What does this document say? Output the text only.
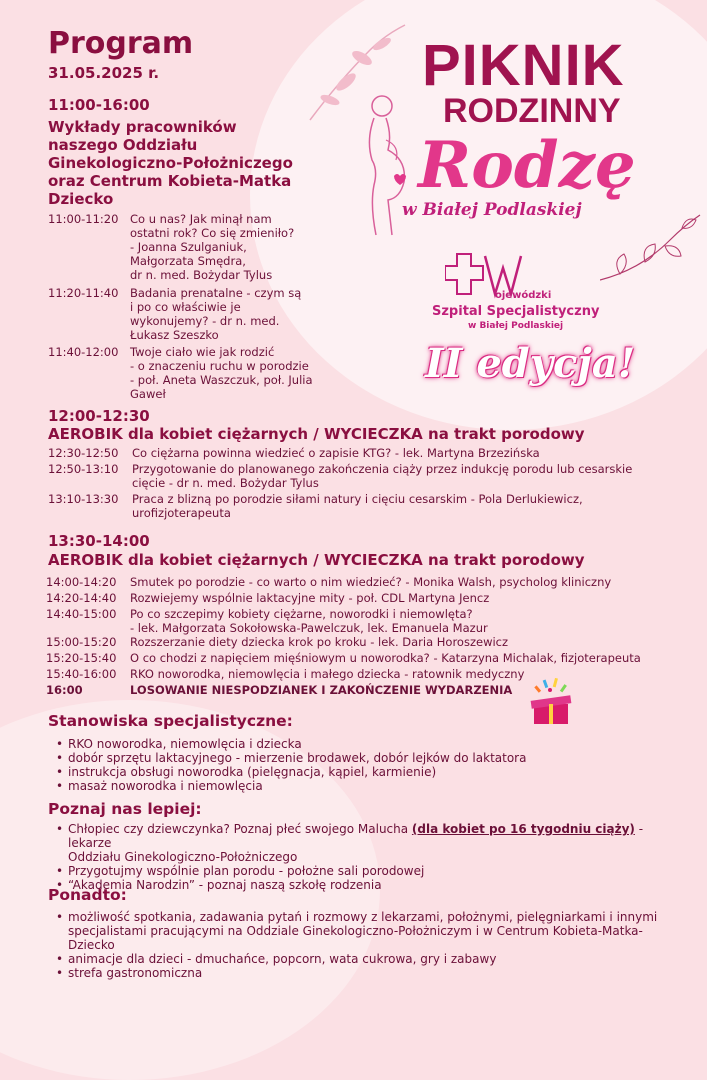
Program
31.05.2025 r.
11:00-16:00
Wykłady pracowników
naszego Oddziału
Ginekologiczno-Położniczego
oraz Centrum Kobieta-Matka
Dziecko
11:00-11:20 Co u nas? Jak minął nam
ostatni rok? Co się zmieniło?
- Joanna Szulganiuk,
Małgorzata Smędra,
dr n. med. Bożydar Tylus
11:20-11:40 Badania prenatalne - czym są
i po co właściwie je
wykonujemy? - dr n. med.
Łukasz Szeszko
11:40-12:00 Twoje ciało wie jak rodzić
- o znaczeniu ruchu w porodzie
- poł. Aneta Waszczuk, poł. Julia Gaweł
PIKNIK
RODZINNY
Rodzę
w Białej Podlaskiej
ojewódzki
Szpital Specjalistyczny
w Białej Podlaskiej
II edycja!
12:00-12:30
AEROBIK dla kobiet ciężarnych / WYCIECZKA na trakt porodowy
12:30-12:50 Co ciężarna powinna wiedzieć o zapisie KTG? - lek. Martyna Brzezińska
12:50-13:10 Przygotowanie do planowanego zakończenia ciąży przez indukcję porodu lub cesarskie
cięcie - dr n. med. Bożydar Tylus
13:10-13:30 Praca z blizną po porodzie siłami natury i cięciu cesarskim - Pola Derlukiewicz,
urofizjoterapeuta
13:30-14:00
AEROBIK dla kobiet ciężarnych / WYCIECZKA na trakt porodowy
14:00-14:20 Smutek po porodzie - co warto o nim wiedzieć? - Monika Walsh, psycholog kliniczny
14:20-14:40 Rozwiejemy wspólnie laktacyjne mity - poł. CDL Martyna Jencz
14:40-15:00 Po co szczepimy kobiety ciężarne, noworodki i niemowlęta?
- lek. Małgorzata Sokołowska-Pawelczuk, lek. Emanuela Mazur
15:00-15:20 Rozszerzanie diety dziecka krok po kroku - lek. Daria Horoszewicz
15:20-15:40 O co chodzi z napięciem mięśniowym u noworodka? - Katarzyna Michalak, fizjoterapeuta
15:40-16:00 RKO noworodka, niemowlęcia i małego dziecka - ratownik medyczny
16:00	LOSOWANIE NIESPODZIANEK I ZAKOŃCZENIE WYDARZENIA
Stanowiska specjalistyczne:
• RKO noworodka, niemowlęcia i dziecka
• dobór sprzętu laktacyjnego - mierzenie brodawek, dobór lejków do laktatora
• instrukcja obsługi noworodka (pielęgnacja, kąpiel, karmienie)
• masaż noworodka i niemowlęcia
Poznaj nas lepiej:
• Chłopiec czy dziewczynka? Poznaj płeć swojego Malucha (dla kobiet po 16 tygodniu ciąży) - lekarze
Oddziału Ginekologiczno-Położniczego
• Przygotujmy wspólnie plan porodu - położne sali porodowej
• “Akademia Narodzin” - poznaj naszą szkołę rodzenia
Ponadto:
• możliwość spotkania, zadawania pytań i rozmowy z lekarzami, położnymi, pielęgniarkami i innymi
specjalistami pracującymi na Oddziale Ginekologiczno-Położniczym i w Centrum Kobieta-Matka-
Dziecko
• animacje dla dzieci - dmuchańce, popcorn, wata cukrowa, gry i zabawy
• strefa gastronomiczna
